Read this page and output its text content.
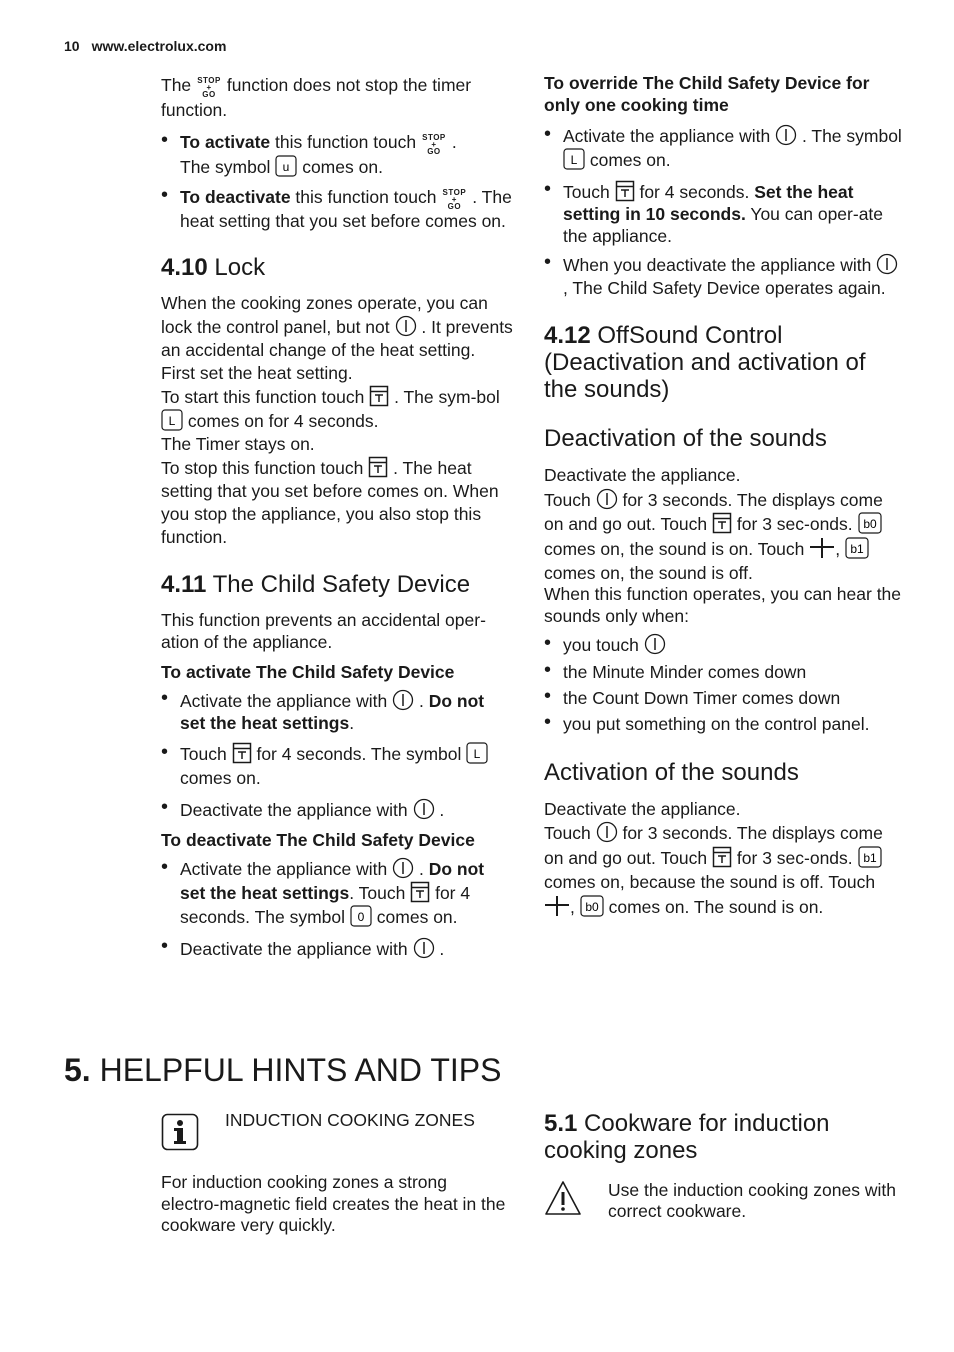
10 www.electrolux.com

The STOP
+
GO function does not stop the timer function.

• To activate this function touch STOP
+
GO .
The symbol u comes on.
• To deactivate this function touch STOP
+
GO . The heat setting that you set before comes on.
4.10 Lock

When the cooking zones operate, you can lock the control panel, but not . It prevents an accidental change of the heat setting.
First set the heat setting.
To start this function touch . The sym-bol
L comes on for 4 seconds.
The Timer stays on.
To stop this function touch . The heat setting that you set before comes on. When you stop the appliance, you also stop this function.

4.11 The Child Safety Device

This function prevents an accidental oper-ation of the appliance.

To activate The Child Safety Device

• Activate the appliance with . Do not set the heat settings.
• Touch for 4 seconds. The symbol L
comes on.
• Deactivate the appliance with .

To deactivate The Child Safety Device

• Activate the appliance with . Do not set the heat settings. Touch for 4 seconds. The symbol 0 comes on.
• Deactivate the appliance with .

To override The Child Safety Device for only one cooking time

• Activate the appliance with . The symbol
L comes on.
• Touch for 4 seconds. Set the heat setting in 10 seconds. You can oper-ate the appliance.
• When you deactivate the appliance with  , The Child Safety Device operates again.
4.12 OffSound Control (Deactivation and activation of the sounds)
Deactivation of the sounds

Deactivate the appliance.
Touch for 3 seconds. The displays come on and go out. Touch for 3 sec-onds. b0
comes on, the sound is on. Touch , b1
comes on, the sound is off.

When this function operates, you can hear the sounds only when:

• you touch
• the Minute Minder comes down
• the Count Down Timer comes down
• you put something on the control panel.
Activation of the sounds

Deactivate the appliance.
Touch for 3 seconds. The displays come on and go out. Touch for 3 sec-onds. b1
comes on, because the sound is off. Touch , b0 comes on. The sound is on.

5. HELPFUL HINTS AND TIPS
INDUCTION COOKING ZONES

For induction cooking zones a strong electro-magnetic field creates the heat in the cookware very quickly.

5.1 Cookware for induction cooking zones
Use the induction cooking zones with correct cookware.
